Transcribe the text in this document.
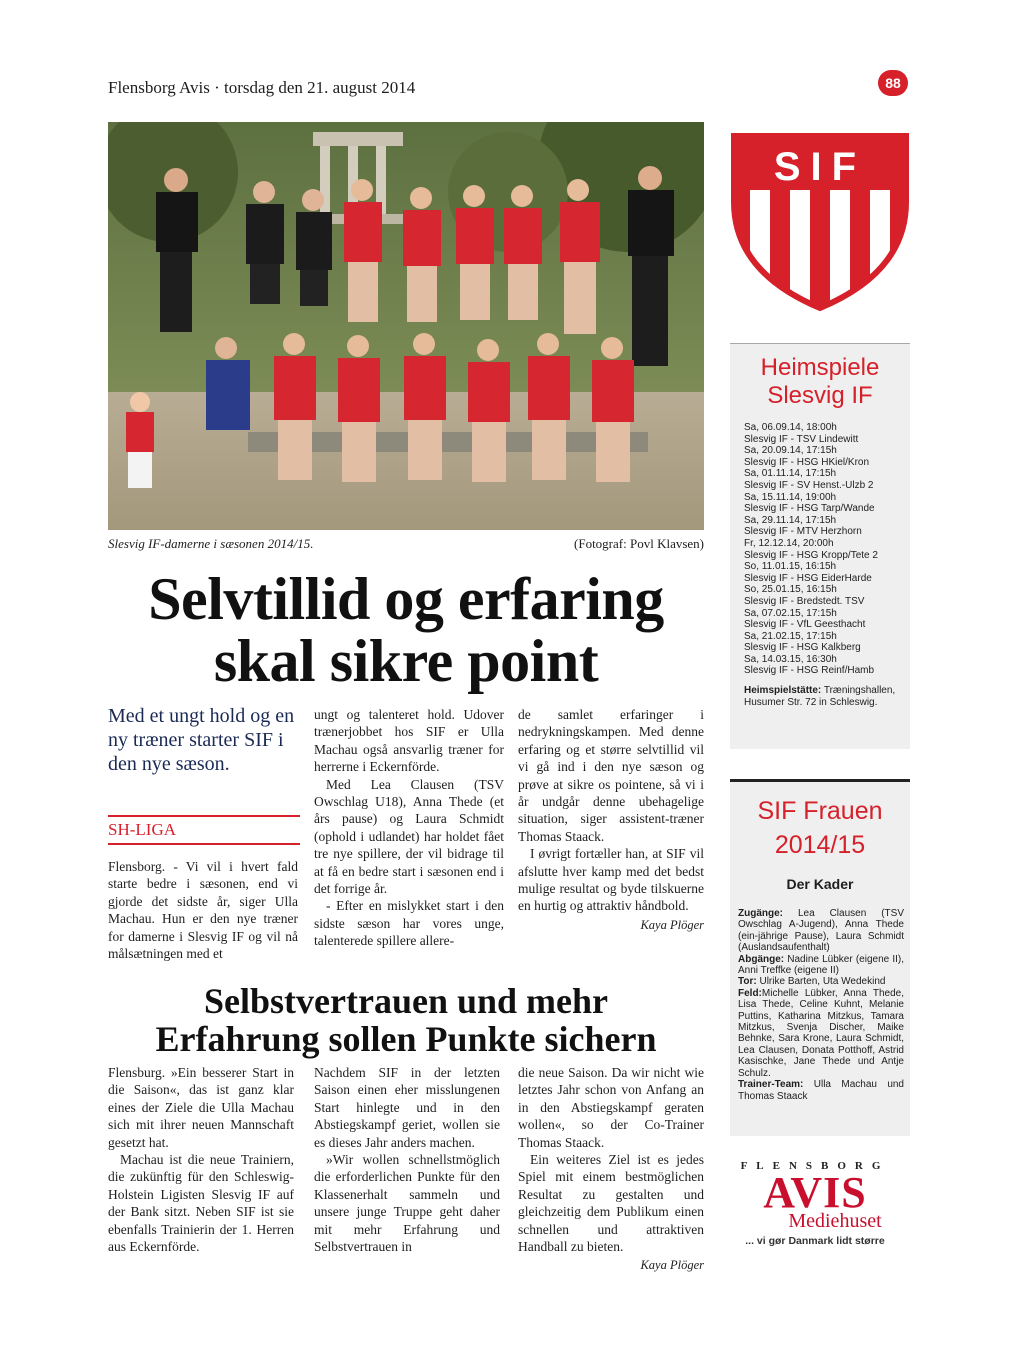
Flensborg Avis · torsdag den 21. august 2014	88
Slesvig IF-damerne i sæsonen 2014/15.	(Fotograf: Povl Klavsen)
Selvtillid og erfaring
skal sikre point
Med et ungt hold og en ny træner starter SIF i den nye sæson.
SH-LIGA

Flensborg. - Vi vil i hvert fald starte bedre i sæsonen, end vi gjorde det sidste år, siger Ulla Machau. Hun er den nye træner for damerne i Slesvig IF og vil nå målsætningen med et

ungt og talenteret hold. Udover trænerjobbet hos SIF er Ulla Machau også ansvarlig træner for herrerne i Eckernförde.

Med Lea Clausen (TSV Owschlag U18), Anna Thede (et års pause) og Laura Schmidt (ophold i udlandet) har holdet fået tre nye spillere, der vil bidrage til at få en bedre start i sæsonen end i det forrige år.

- Efter en mislykket start i den sidste sæson har vores unge, talenterede spillere allere-

de samlet erfaringer i nedrykningskampen. Med denne erfaring og et større selvtillid vil vi gå ind i den nye sæson og prøve at sikre os pointene, så vi i år undgår denne ubehagelige situation, siger assistent-træner Thomas Staack.

I øvrigt fortæller han, at SIF vil afslutte hver kamp med det bedst mulige resultat og byde tilskuerne en hurtig og attraktiv håndbold.

Kaya Plöger
Selbstvertrauen und mehr
Erfahrung sollen Punkte sichern

Flensburg. »Ein besserer Start in die Saison«, das ist ganz klar eines der Ziele die Ulla Machau sich mit ihrer neuen Mannschaft gesetzt hat.

Machau ist die neue Trainiern, die zukünftig für den Schleswig-Holstein Ligisten Slesvig IF auf der Bank sitzt. Neben SIF ist sie ebenfalls Trainierin der 1. Herren aus Eckernförde.

Nachdem SIF in der letzten Saison einen eher misslungenen Start hinlegte und in den Abstiegskampf geriet, wollen sie es dieses Jahr anders machen.

»Wir wollen schnellstmöglich die erforderlichen Punkte für den Klassenerhalt sammeln und unsere junge Truppe geht daher mit mehr Erfahrung und Selbstvertrauen in

die neue Saison. Da wir nicht wie letztes Jahr schon von Anfang an in den Abstiegskampf geraten wollen«, so der Co-Trainer Thomas Staack.

Ein weiteres Ziel ist es jedes Spiel mit einem bestmöglichen Resultat zu gestalten und gleichzeitig dem Publikum einen schnellen und attraktiven Handball zu bieten.

Kaya Plöger
SIF
Heimspiele
Slesvig IF
Sa, 06.09.14, 18:00h
Slesvig IF - TSV Lindewitt
Sa, 20.09.14, 17:15h
Slesvig IF - HSG HKiel/Kron
Sa, 01.11.14, 17:15h
Slesvig IF - SV Henst.-Ulzb 2
Sa, 15.11.14, 19:00h
Slesvig IF - HSG Tarp/Wande
Sa, 29.11.14, 17:15h
Slesvig IF - MTV Herzhorn
Fr, 12.12.14, 20:00h
Slesvig IF - HSG Kropp/Tete 2
So, 11.01.15, 16:15h
Slesvig IF - HSG EiderHarde
So, 25.01.15, 16:15h
Slesvig IF - Bredstedt. TSV
Sa, 07.02.15, 17:15h
Slesvig IF - VfL Geesthacht
Sa, 21.02.15, 17:15h
Slesvig IF - HSG Kalkberg
Sa, 14.03.15, 16:30h
Slesvig IF - HSG Reinf/Hamb
Heimspielstätte: Træningshallen, Husumer Str. 72 in Schleswig.
SIF Frauen
2014/15
Der Kader
Zugänge: Lea Clausen (TSV Owschlag A-Jugend), Anna Thede (ein-jährige Pause), Laura Schmidt (Auslandsaufenthalt)
Abgänge: Nadine Lübker (eigene II), Anni Treffke (eigene II)
Tor: Ulrike Barten, Uta Wedekind
Feld:Michelle Lübker, Anna Thede, Lisa Thede, Celine Kuhnt, Melanie Puttins, Katharina Mitzkus, Tamara Mitzkus, Svenja Discher, Maike Behnke, Sara Krone, Laura Schmidt, Lea Clausen, Donata Potthoff, Astrid Kasischke, Jane Thede und Antje Schulz.
Trainer-Team: Ulla Machau und Thomas Staack
FLENSBORG
AVIS
Mediehuset
... vi gør Danmark lidt større
